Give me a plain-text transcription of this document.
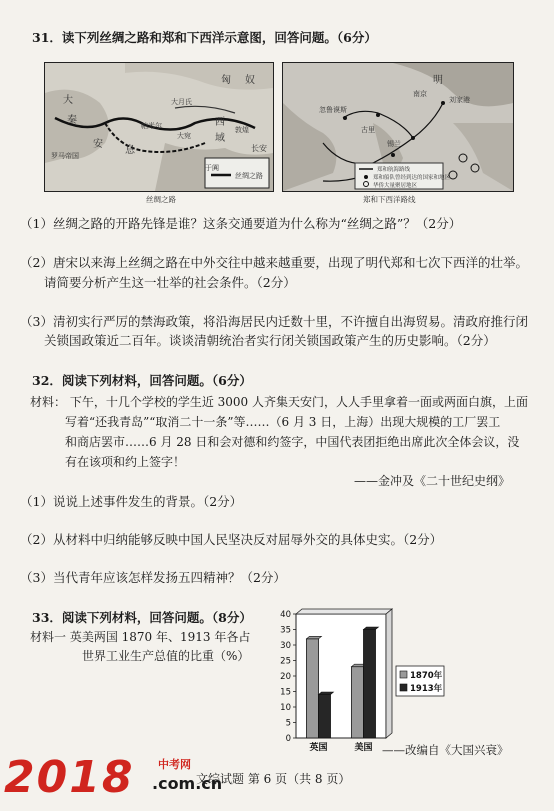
31．读下列丝绸之路和郑和下西洋示意图，回答问题。（6分）
大
秦
安
息
帕米尔	西
域
敦煌
长安
匈 奴
大月氏
大宛
于阗
罗马帝国
丝绸之路
丝绸之路
明
南京
刘家港
锡兰
古里
忽鲁谟斯
郑和航海路线
郑和船队曾经到达的国家和地区
华侨大量聚居地区
郑和下西洋路线
（1）丝绸之路的开路先锋是谁？这条交通要道为什么称为“丝绸之路”？（2分）
（2）唐宋以来海上丝绸之路在中外交往中越来越重要，出现了明代郑和七次下西洋的壮举。
请简要分析产生这一壮举的社会条件。（2分）
（3）清初实行严厉的禁海政策，将沿海居民内迁数十里，不许擅自出海贸易。清政府推行闭
关锁国政策近二百年。谈谈清朝统治者实行闭关锁国政策产生的历史影响。（2分）
32．阅读下列材料，回答问题。（6分）
材料： 下午，十几个学校的学生近 3000 人齐集天安门，人人手里拿着一面或两面白旗，上面
写着“还我青岛”“取消二十一条”等……（6 月 3 日，上海）出现大规模的工厂罢工
和商店罢市……6 月 28 日和会对德和约签字，中国代表团拒绝出席此次全体会议，没
有在该项和约上签字！
——金冲及《二十世纪史纲》
（1）说说上述事件发生的背景。（2分）
（2）从材料中归纳能够反映中国人民坚决反对屈辱外交的具体史实。（2分）
（3）当代青年应该怎样发扬五四精神？（2分）
33．阅读下列材料，回答问题。（8分）
材料一 英美两国 1870 年、1913 年各占
世界工业生产总值的比重（%）
0
5
10
15
20
25
30
35
40
英国	美国
1870年
1913年
——改编自《大国兴衰》
2018 中考网
.com.cn
文综试题 第 6 页（共 8 页）
